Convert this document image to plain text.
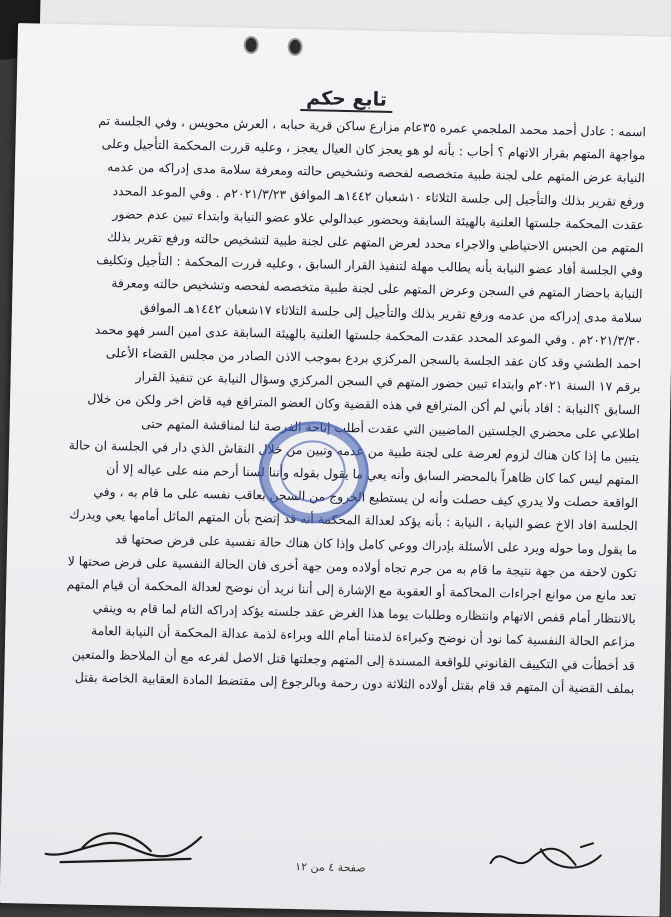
تابع حكم
اسمه : عادل أحمد محمد الملجمي عمره ٣٥عام مزارع ساكن قرية حبابه ، العرش محويس ، وفي الجلسة تم
مواجهة المتهم بقرار الاتهام ؟ أجاب : بأنه لو هو يعجز كان العيال يعجز ، وعليه قررت المحكمة التأجيل وعلى
النيابة عرض المتهم على لجنة طبية متخصصه لفحصه وتشخيص حالته ومعرفة سلامة مدى إدراكه من عدمه
ورفع تقرير بذلك والتأجيل إلى جلسة الثلاثاء ١٠شعبان ١٤٤٢هـ الموافق ٢٠٢١/٣/٢٣م . وفي الموعد المحدد
عقدت المحكمة جلستها العلنية بالهيئة السابقة وبحضور عبدالولي علاو عضو النيابة وابتداء تبين عدم حضور
المتهم من الحبس الاحتياطي والاجراء محدد لعرض المتهم على لجنة طبية لتشخيص حالته ورفع تقرير بذلك
وفي الجلسة أفاد عضو النيابة بأنه يطالب مهلة لتنفيذ القرار السابق ، وعليه قررت المحكمة : التأجيل وتكليف
النيابة باحضار المتهم في السجن وعرض المتهم على لجنة طبية متخصصه لفحصه وتشخيص حالته ومعرفة
سلامة مدى إدراكه من عدمه ورفع تقرير بذلك والتأجيل إلى جلسة الثلاثاء ١٧شعبان ١٤٤٢هـ الموافق
٢٠٢١/٣/٣٠م . وفي الموعد المحدد عقدت المحكمة جلستها العلنية بالهيئة السابقة عدى امين السر فهو محمد
احمد الطشي وقد كان عقد الجلسة بالسجن المركزي بردع بموجب الاذن الصادر من مجلس القضاء الأعلى
برقم ١٧ السنة ٢٠٢١م وابتداء تبين حضور المتهم في السجن المركزي وسؤال النيابة عن تنفيذ القرار
السابق ؟النيابة : افاد بأني لم أكن المترافع في هذه القضية وكان العضو المترافع فيه قاض اخر ولكن من خلال
اطلاعي على محضري الجلستين الماضيين التي عقدت أطلب إتاحة الفرصة لنا لمناقشة المتهم حتى
يتبين ما إذا كان هناك لزوم لعرضة على لجنة طبية من عدمه وتبين من خلال النقاش الذي دار في الجلسة ان حالة
المتهم ليس كما كان ظاهراً بالمحضر السابق وأنه يعي ما يقول بقوله وأننا لسنا أرحم منه على عياله إلا أن
الواقعة حصلت ولا يدري كيف حصلت وأنه لن يستطيع الخروج من السجن بعاقب نفسه على ما قام به ، وفي
الجلسة افاد الاخ عضو النيابة ، النيابة : بأنه يؤكد لعدالة المحكمة أنه قد إتضح بأن المتهم الماثل أمامها يعي ويدرك
ما يقول وما حوله ويرد على الأسئلة بإدراك ووعي كامل وإذا كان هناك حالة نفسية على فرض صحتها قد
تكون لاحقه من جهة نتيجة ما قام به من جرم تجاه أولاده ومن جهة أخرى فان الحالة النفسية على فرض صحتها لا
تعد مانع من موانع اجراءات المحاكمة أو العقوبة مع الإشارة إلى أننا نريد أن نوضح لعدالة المحكمة أن قيام المتهم
بالانتظار أمام قفص الاتهام وانتظاره وطلبات يوما هذا الغرض عقد جلسته يؤكد إدراكه التام لما قام به وينفي
مزاعم الحالة النفسية كما نود أن نوضح وكبراءة لذمتنا أمام الله وبراءة لذمة عدالة المحكمة أن النيابة العامة
قد أخطأت في التكييف القانوني للواقعة المسندة إلى المتهم وجعلتها قتل الاصل لفرعه مع أن الملاحظ والمتعين
بملف القضية أن المتهم قد قام بقتل أولاده الثلاثة دون رحمة وبالرجوع إلى مقتضط المادة العقابية الخاصة بقتل
صفحة ٤ من ١٢
